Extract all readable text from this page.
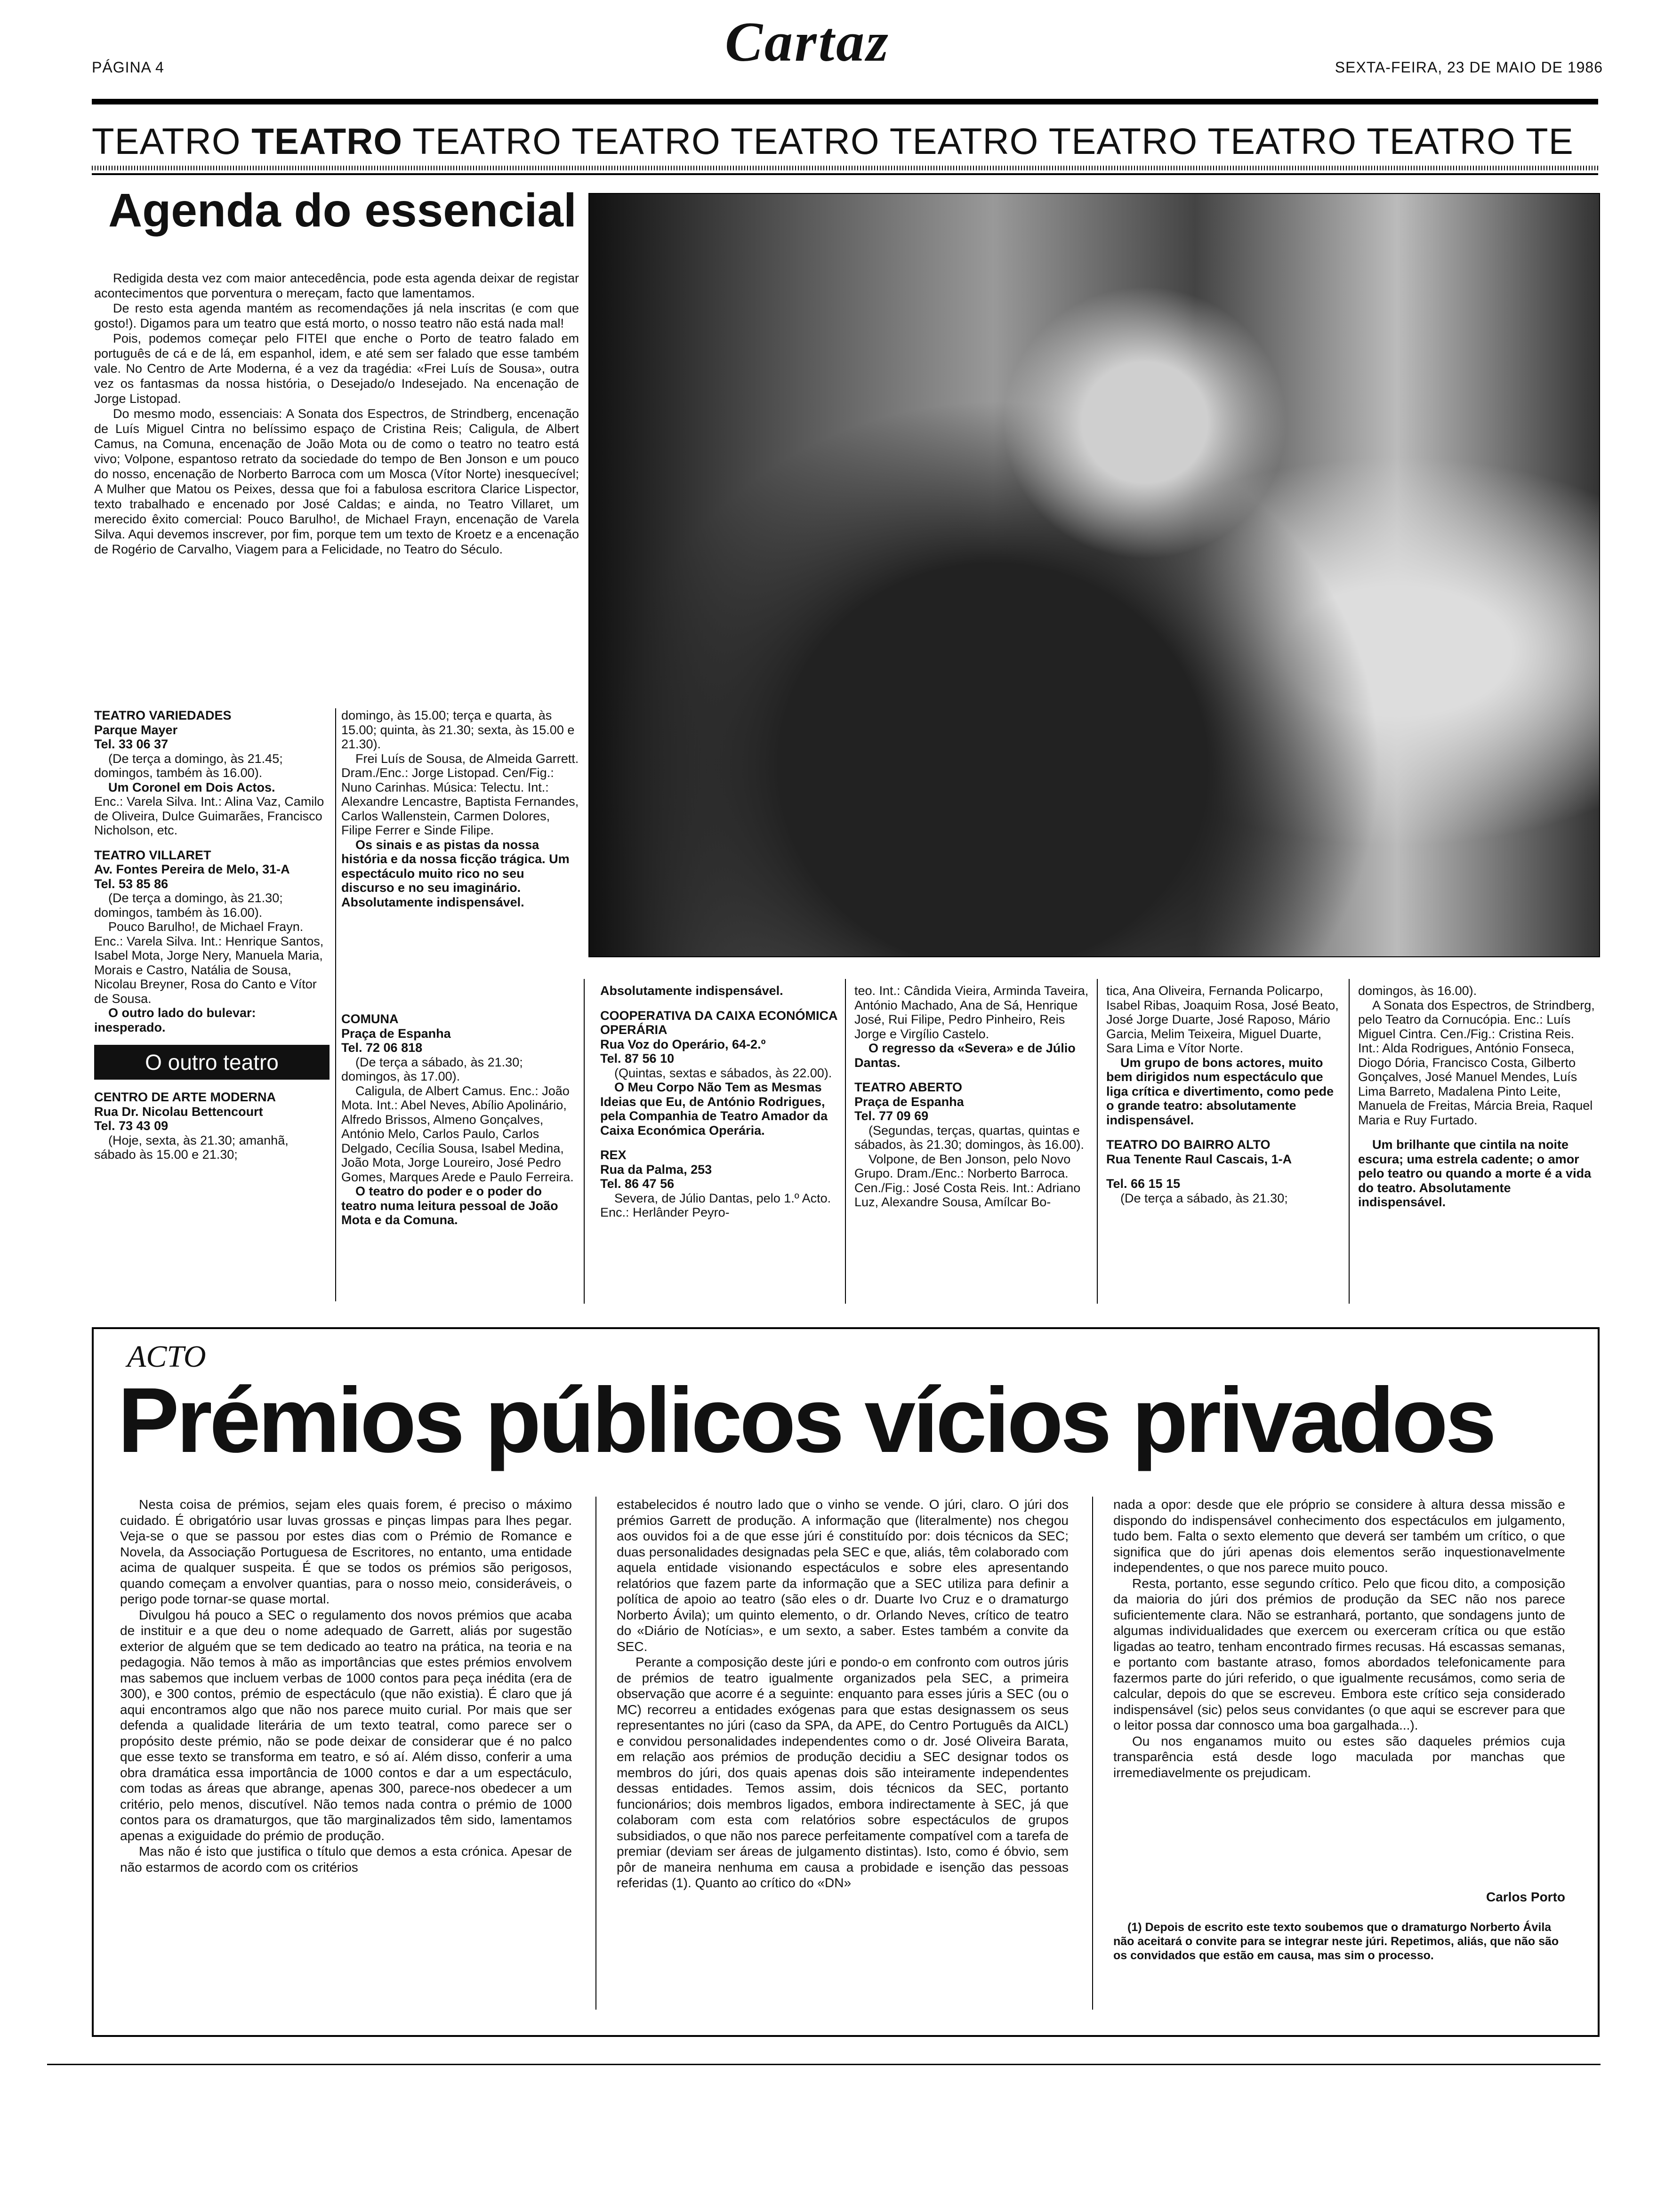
PÁGINA 4	Cartaz	SEXTA-FEIRA, 23 DE MAIO DE 1986
TEATRO TEATRO TEATRO TEATRO TEATRO TEATRO TEATRO TEATRO TEATRO TE
Agenda do essencial

Redigida desta vez com maior antecedência, pode esta agenda deixar de registar acontecimentos que porventura o mereçam, facto que lamentamos.

De resto esta agenda mantém as recomendações já nela inscritas (e com que gosto!). Digamos para um teatro que está morto, o nosso teatro não está nada mal!

Pois, podemos começar pelo FITEI que enche o Porto de teatro falado em português de cá e de lá, em espanhol, idem, e até sem ser falado que esse também vale. No Centro de Arte Moderna, é a vez da tragédia: «Frei Luís de Sousa», outra vez os fantasmas da nossa história, o Desejado/o Indesejado. Na encenação de Jorge Listopad.

Do mesmo modo, essenciais: A Sonata dos Espectros, de Strindberg, encenação de Luís Miguel Cintra no belíssimo espaço de Cristina Reis; Caligula, de Albert Camus, na Comuna, encenação de João Mota ou de como o teatro no teatro está vivo; Volpone, espantoso retrato da sociedade do tempo de Ben Jonson e um pouco do nosso, encenação de Norberto Barroca com um Mosca (Vítor Norte) inesquecível; A Mulher que Matou os Peixes, dessa que foi a fabulosa escritora Clarice Lispector, texto trabalhado e encenado por José Caldas; e ainda, no Teatro Villaret, um merecido êxito comercial: Pouco Barulho!, de Michael Frayn, encenação de Varela Silva. Aqui devemos inscrever, por fim, porque tem um texto de Kroetz e a encenação de Rogério de Carvalho, Viagem para a Felicidade, no Teatro do Século.

TEATRO VARIEDADES

Parque Mayer

Tel. 33 06 37

(De terça a domingo, às 21.45; domingos, também às 16.00).

Um Coronel em Dois Actos.

Enc.: Varela Silva. Int.: Alina Vaz, Camilo de Oliveira, Dulce Guimarães, Francisco Nicholson, etc.

TEATRO VILLARET

Av. Fontes Pereira de Melo, 31-A

Tel. 53 85 86

(De terça a domingo, às 21.30; domingos, também às 16.00).

Pouco Barulho!, de Michael Frayn. Enc.: Varela Silva. Int.: Henrique Santos, Isabel Mota, Jorge Nery, Manuela Maria, Morais e Castro, Natália de Sousa, Nicolau Breyner, Rosa do Canto e Vítor de Sousa.

O outro lado do bulevar: inesperado.

O outro teatro

CENTRO DE ARTE MODERNA

Rua Dr. Nicolau Bettencourt

Tel. 73 43 09

(Hoje, sexta, às 21.30; amanhã, sábado às 15.00 e 21.30;

domingo, às 15.00; terça e quarta, às 15.00; quinta, às 21.30; sexta, às 15.00 e 21.30).

Frei Luís de Sousa, de Almeida Garrett. Dram./Enc.: Jorge Listopad. Cen/Fig.: Nuno Carinhas. Música: Telectu. Int.: Alexandre Lencastre, Baptista Fernandes, Carlos Wallenstein, Carmen Dolores, Filipe Ferrer e Sinde Filipe.

Os sinais e as pistas da nossa história e da nossa ficção trágica. Um espectáculo muito rico no seu discurso e no seu imaginário. Absolutamente indispensável.

COMUNA

Praça de Espanha

Tel. 72 06 818

(De terça a sábado, às 21.30; domingos, às 17.00).

Caligula, de Albert Camus. Enc.: João Mota. Int.: Abel Neves, Abílio Apolinário, Alfredo Brissos, Almeno Gonçalves, António Melo, Carlos Paulo, Carlos Delgado, Cecília Sousa, Isabel Medina, João Mota, Jorge Loureiro, José Pedro Gomes, Marques Arede e Paulo Ferreira.

O teatro do poder e o poder do teatro numa leitura pessoal de João Mota e da Comuna.

Absolutamente indispensável.

COOPERATIVA DA CAIXA ECONÓMICA OPERÁRIA

Rua Voz do Operário, 64-2.º

Tel. 87 56 10

(Quintas, sextas e sábados, às 22.00).

O Meu Corpo Não Tem as Mesmas Ideias que Eu, de António Rodrigues, pela Companhia de Teatro Amador da Caixa Económica Operária.

REX

Rua da Palma, 253

Tel. 86 47 56

Severa, de Júlio Dantas, pelo 1.º Acto. Enc.: Herlânder Peyro-

teo. Int.: Cândida Vieira, Arminda Taveira, António Machado, Ana de Sá, Henrique José, Rui Filipe, Pedro Pinheiro, Reis Jorge e Virgílio Castelo.

O regresso da «Severa» e de Júlio Dantas.

TEATRO ABERTO

Praça de Espanha

Tel. 77 09 69

(Segundas, terças, quartas, quintas e sábados, às 21.30; domingos, às 16.00).

Volpone, de Ben Jonson, pelo Novo Grupo. Dram./Enc.: Norberto Barroca. Cen./Fig.: José Costa Reis. Int.: Adriano Luz, Alexandre Sousa, Amílcar Bo-

tica, Ana Oliveira, Fernanda Policarpo, Isabel Ribas, Joaquim Rosa, José Beato, José Jorge Duarte, José Raposo, Mário Garcia, Melim Teixeira, Miguel Duarte, Sara Lima e Vítor Norte.

Um grupo de bons actores, muito bem dirigidos num espectáculo que liga crítica e divertimento, como pede o grande teatro: absolutamente indispensável.

TEATRO DO BAIRRO ALTO

Rua Tenente Raul Cascais, 1-A

Tel. 66 15 15

(De terça a sábado, às 21.30;

domingos, às 16.00).

A Sonata dos Espectros, de Strindberg, pelo Teatro da Cornucópia. Enc.: Luís Miguel Cintra. Cen./Fig.: Cristina Reis. Int.: Alda Rodrigues, António Fonseca, Diogo Dória, Francisco Costa, Gilberto Gonçalves, José Manuel Mendes, Luís Lima Barreto, Madalena Pinto Leite, Manuela de Freitas, Márcia Breia, Raquel Maria e Ruy Furtado.

Um brilhante que cintila na noite escura; uma estrela cadente; o amor pelo teatro ou quando a morte é a vida do teatro. Absolutamente indispensável.

ACTO
Prémios públicos vícios privados

Nesta coisa de prémios, sejam eles quais forem, é preciso o máximo cuidado. É obrigatório usar luvas grossas e pinças limpas para lhes pegar. Veja-se o que se passou por estes dias com o Prémio de Romance e Novela, da Associação Portuguesa de Escritores, no entanto, uma entidade acima de qualquer suspeita. É que se todos os prémios são perigosos, quando começam a envolver quantias, para o nosso meio, consideráveis, o perigo pode tornar-se quase mortal.

Divulgou há pouco a SEC o regulamento dos novos prémios que acaba de instituir e a que deu o nome adequado de Garrett, aliás por sugestão exterior de alguém que se tem dedicado ao teatro na prática, na teoria e na pedagogia. Não temos à mão as importâncias que estes prémios envolvem mas sabemos que incluem verbas de 1000 contos para peça inédita (era de 300), e 300 contos, prémio de espectáculo (que não existia). É claro que já aqui encontramos algo que não nos parece muito curial. Por mais que ser defenda a qualidade literária de um texto teatral, como parece ser o propósito deste prémio, não se pode deixar de considerar que é no palco que esse texto se transforma em teatro, e só aí. Além disso, conferir a uma obra dramática essa importância de 1000 contos e dar a um espectáculo, com todas as áreas que abrange, apenas 300, parece-nos obedecer a um critério, pelo menos, discutível. Não temos nada contra o prémio de 1000 contos para os dramaturgos, que tão marginalizados têm sido, lamentamos apenas a exiguidade do prémio de produção.

Mas não é isto que justifica o título que demos a esta crónica. Apesar de não estarmos de acordo com os critérios

estabelecidos é noutro lado que o vinho se vende. O júri, claro. O júri dos prémios Garrett de produção. A informação que (literalmente) nos chegou aos ouvidos foi a de que esse júri é constituído por: dois técnicos da SEC; duas personalidades designadas pela SEC e que, aliás, têm colaborado com aquela entidade visionando espectáculos e sobre eles apresentando relatórios que fazem parte da informação que a SEC utiliza para definir a política de apoio ao teatro (são eles o dr. Duarte Ivo Cruz e o dramaturgo Norberto Ávila); um quinto elemento, o dr. Orlando Neves, crítico de teatro do «Diário de Notícias», e um sexto, a saber. Estes também a convite da SEC.

Perante a composição deste júri e pondo-o em confronto com outros júris de prémios de teatro igualmente organizados pela SEC, a primeira observação que acorre é a seguinte: enquanto para esses júris a SEC (ou o MC) recorreu a entidades exógenas para que estas designassem os seus representantes no júri (caso da SPA, da APE, do Centro Português da AICL) e convidou personalidades independentes como o dr. José Oliveira Barata, em relação aos prémios de produção decidiu a SEC designar todos os membros do júri, dos quais apenas dois são inteiramente independentes dessas entidades. Temos assim, dois técnicos da SEC, portanto funcionários; dois membros ligados, embora indirectamente à SEC, já que colaboram com esta com relatórios sobre espectáculos de grupos subsidiados, o que não nos parece perfeitamente compatível com a tarefa de premiar (deviam ser áreas de julgamento distintas). Isto, como é óbvio, sem pôr de maneira nenhuma em causa a probidade e isenção das pessoas referidas (1). Quanto ao crítico do «DN»

nada a opor: desde que ele próprio se considere à altura dessa missão e dispondo do indispensável conhecimento dos espectáculos em julgamento, tudo bem. Falta o sexto elemento que deverá ser também um crítico, o que significa que do júri apenas dois elementos serão inquestionavelmente independentes, o que nos parece muito pouco.

Resta, portanto, esse segundo crítico. Pelo que ficou dito, a composição da maioria do júri dos prémios de produção da SEC não nos parece suficientemente clara. Não se estranhará, portanto, que sondagens junto de algumas individualidades que exercem ou exerceram crítica ou que estão ligadas ao teatro, tenham encontrado firmes recusas. Há escassas semanas, e portanto com bastante atraso, fomos abordados telefonicamente para fazermos parte do júri referido, o que igualmente recusámos, como seria de calcular, depois do que se escreveu. Embora este crítico seja considerado indispensável (sic) pelos seus convidantes (o que aqui se escrever para que o leitor possa dar connosco uma boa gargalhada...).

Ou nos enganamos muito ou estes são daqueles prémios cuja transparência está desde logo maculada por manchas que irremediavelmente os prejudicam.

Carlos Porto
(1) Depois de escrito este texto soubemos que o dramaturgo Norberto Ávila não aceitará o convite para se integrar neste júri. Repetimos, aliás, que não são os convidados que estão em causa, mas sim o processo.
